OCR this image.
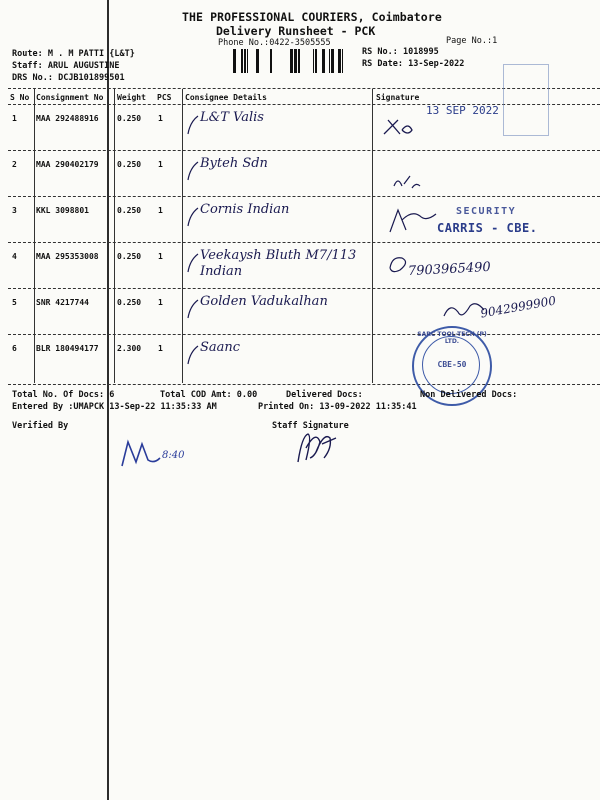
THE PROFESSIONAL COURIERS, Coimbatore
Delivery Runsheet - PCK
Phone No.:0422-3505555	Page No.:1
Route: M . M PATTI {L&T}
Staff: ARUL AUGUSTINE
DRS No.: DCJB101899501
RS No.: 1018995
RS Date: 13-Sep-2022
S No Consignment No Weight PCS Consignee Details	Signature
1 MAA 292488916 0.250 1	L&T Valis
2 MAA 290402179 0.250 1	Byteh Sdn
3 KKL 3098801	0.250 1	Cornis Indian
4 MAA 295353008 0.250 1	Veekaysh Bluth M7/113 Indian
5 SNR 4217744	0.250 1	Golden Vadukalhan
6 BLR 180494177 2.300 1	Saanc
13 SEP 2022
SECURITY
CARRIS - CBE.
7903965490
9042999900
SARC TOOL-TECH (P) LTD.
CBE-50
Total No. Of Docs: 6	Total COD Amt: 0.00	Delivered Docs:	Non Delivered Docs:
Entered By :UMAPCK 13-Sep-22 11:35:33 AM	Printed On: 13-09-2022 11:35:41
Verified By	Staff Signature
8:40
